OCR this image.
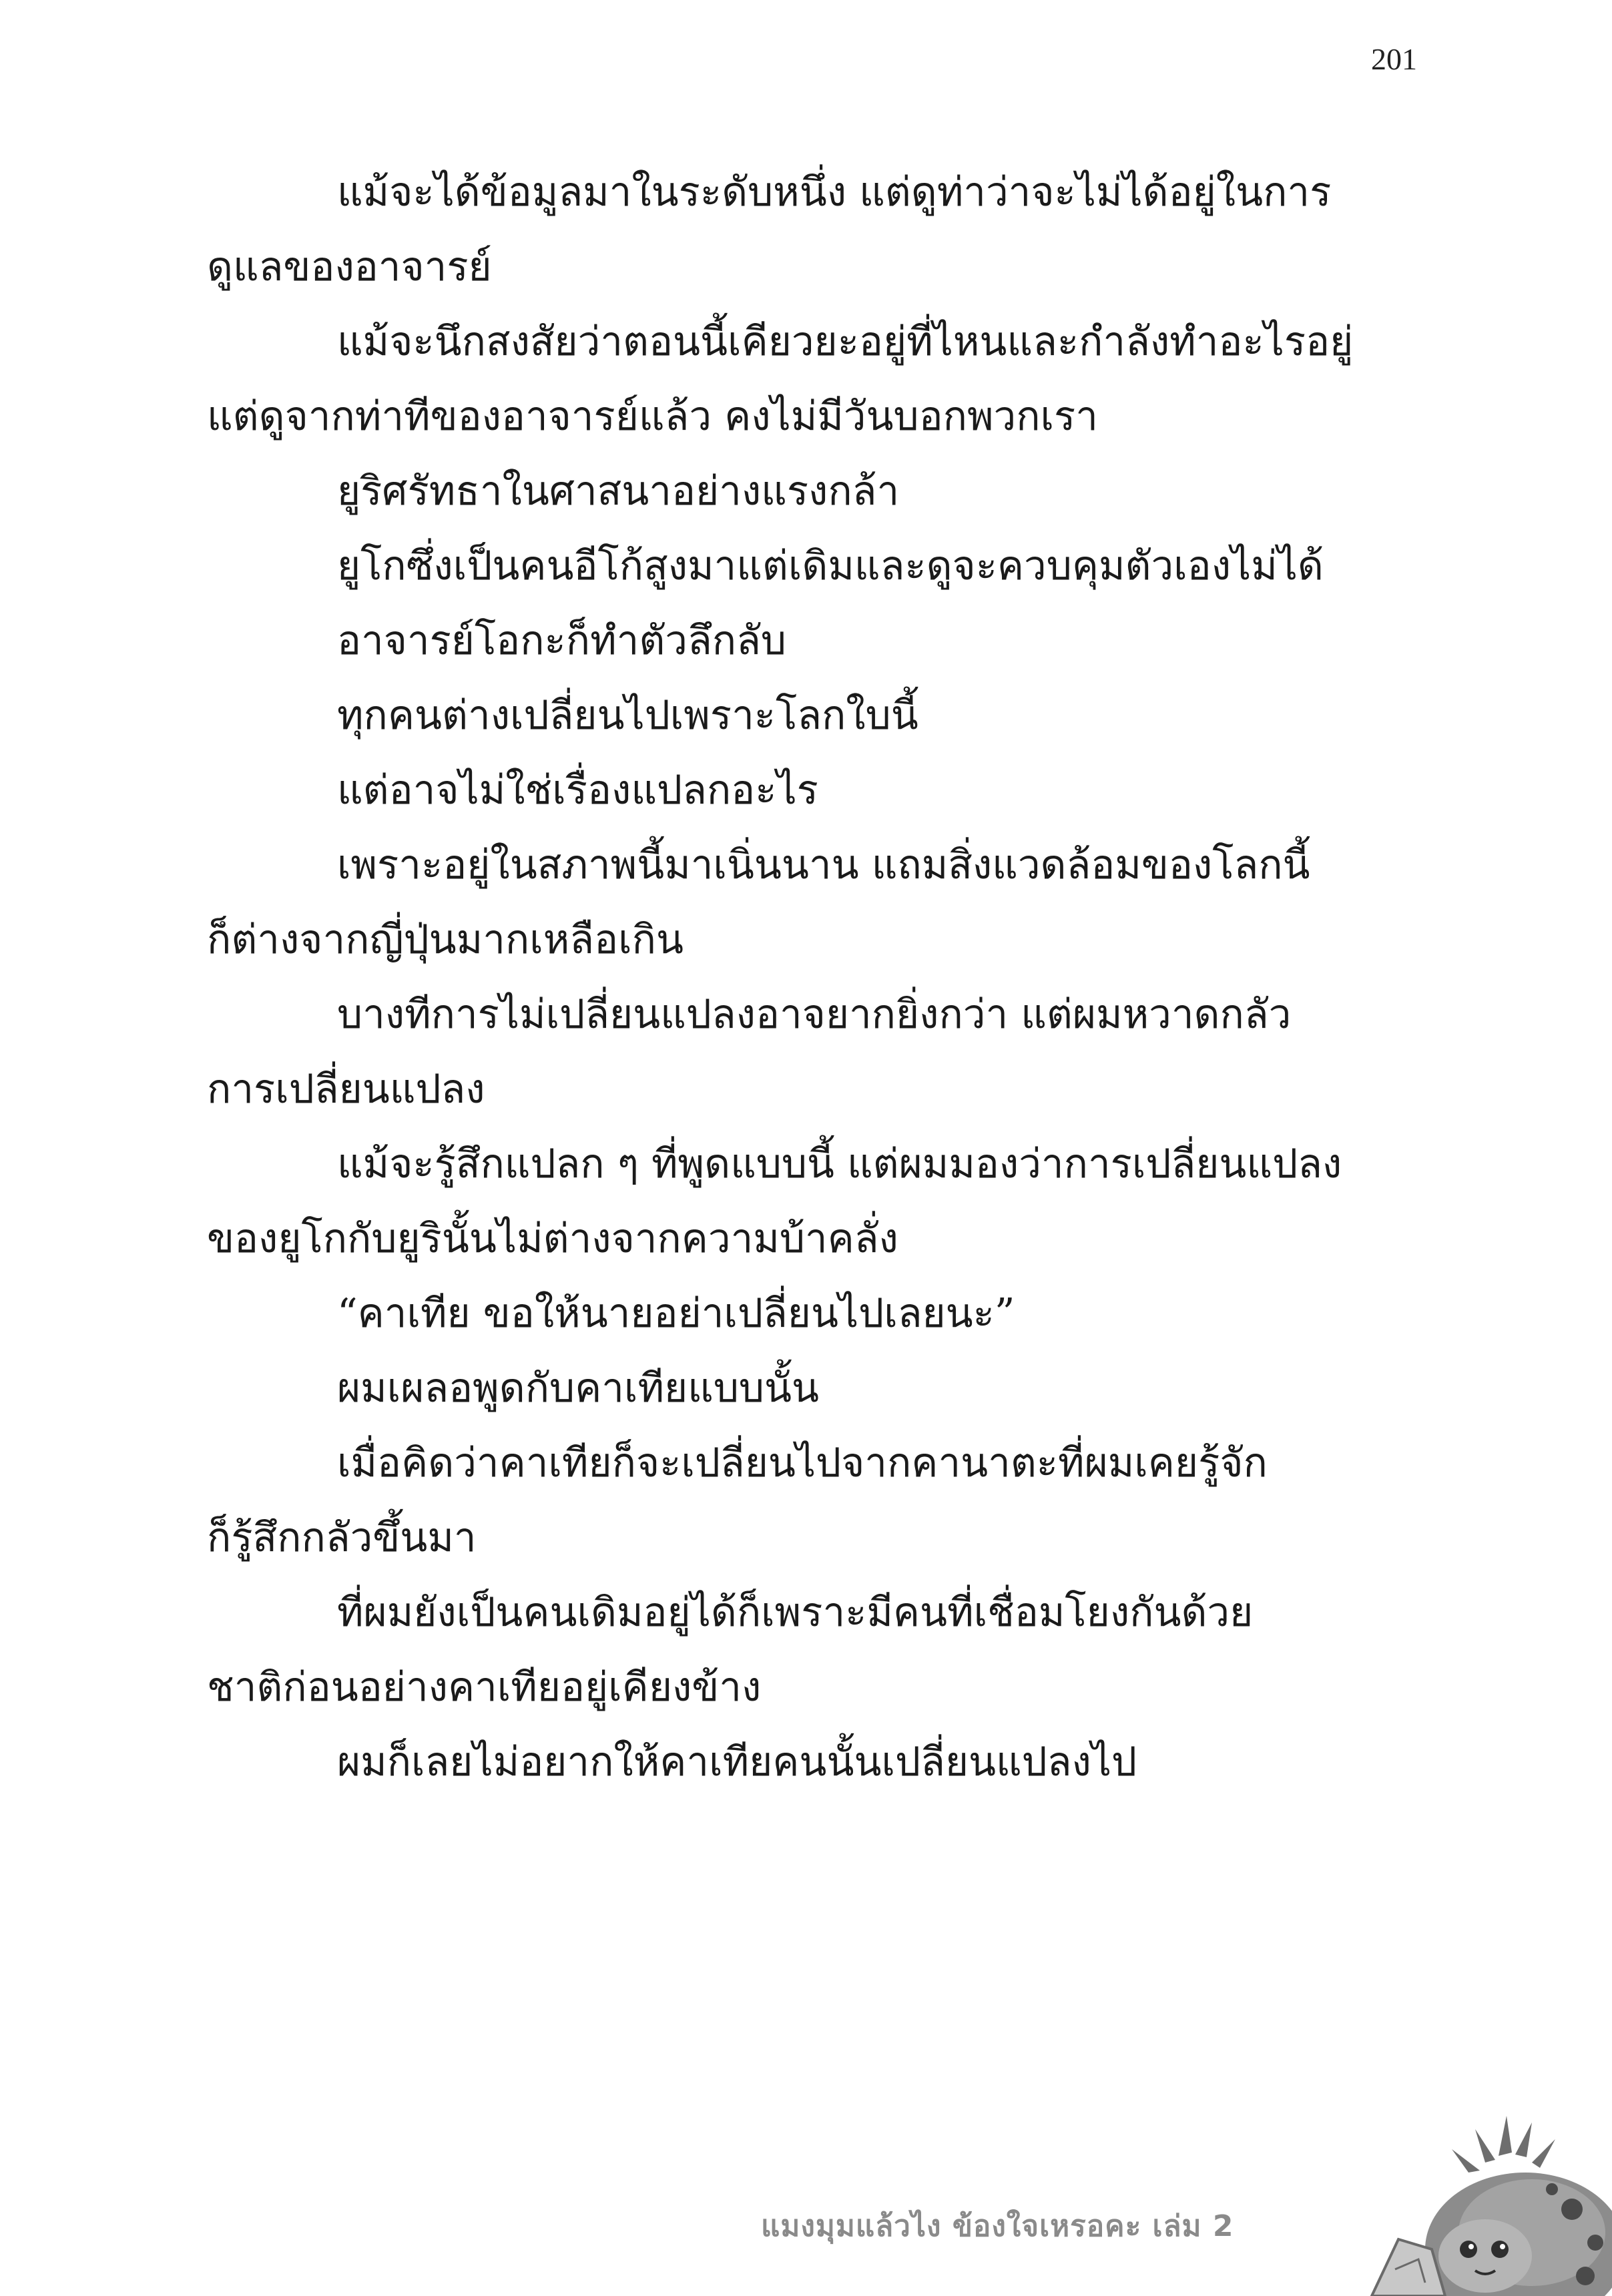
201
แม้จะได้ข้อมูลมาในระดับหนึ่ง แต่ดูท่าว่าจะไม่ได้อยู่ในการ
ดูแลของอาจารย์
แม้จะนึกสงสัยว่าตอนนี้เคียวยะอยู่ที่ไหนและกำลังทำอะไรอยู่
แต่ดูจากท่าทีของอาจารย์แล้ว คงไม่มีวันบอกพวกเรา
ยูริศรัทธาในศาสนาอย่างแรงกล้า
ยูโกซึ่งเป็นคนอีโก้สูงมาแต่เดิมและดูจะควบคุมตัวเองไม่ได้
อาจารย์โอกะก็ทำตัวลึกลับ
ทุกคนต่างเปลี่ยนไปเพราะโลกใบนี้
แต่อาจไม่ใช่เรื่องแปลกอะไร
เพราะอยู่ในสภาพนี้มาเนิ่นนาน แถมสิ่งแวดล้อมของโลกนี้
ก็ต่างจากญี่ปุ่นมากเหลือเกิน
บางทีการไม่เปลี่ยนแปลงอาจยากยิ่งกว่า แต่ผมหวาดกลัว
การเปลี่ยนแปลง
แม้จะรู้สึกแปลก ๆ ที่พูดแบบนี้ แต่ผมมองว่าการเปลี่ยนแปลง
ของยูโกกับยูรินั้นไม่ต่างจากความบ้าคลั่ง
“คาเทีย ขอให้นายอย่าเปลี่ยนไปเลยนะ”
ผมเผลอพูดกับคาเทียแบบนั้น
เมื่อคิดว่าคาเทียก็จะเปลี่ยนไปจากคานาตะที่ผมเคยรู้จัก
ก็รู้สึกกลัวขึ้นมา
ที่ผมยังเป็นคนเดิมอยู่ได้ก็เพราะมีคนที่เชื่อมโยงกันด้วย
ชาติก่อนอย่างคาเทียอยู่เคียงข้าง
ผมก็เลยไม่อยากให้คาเทียคนนั้นเปลี่ยนแปลงไป
แมงมุมแล้วไง ข้องใจเหรอคะ เล่ม 2
